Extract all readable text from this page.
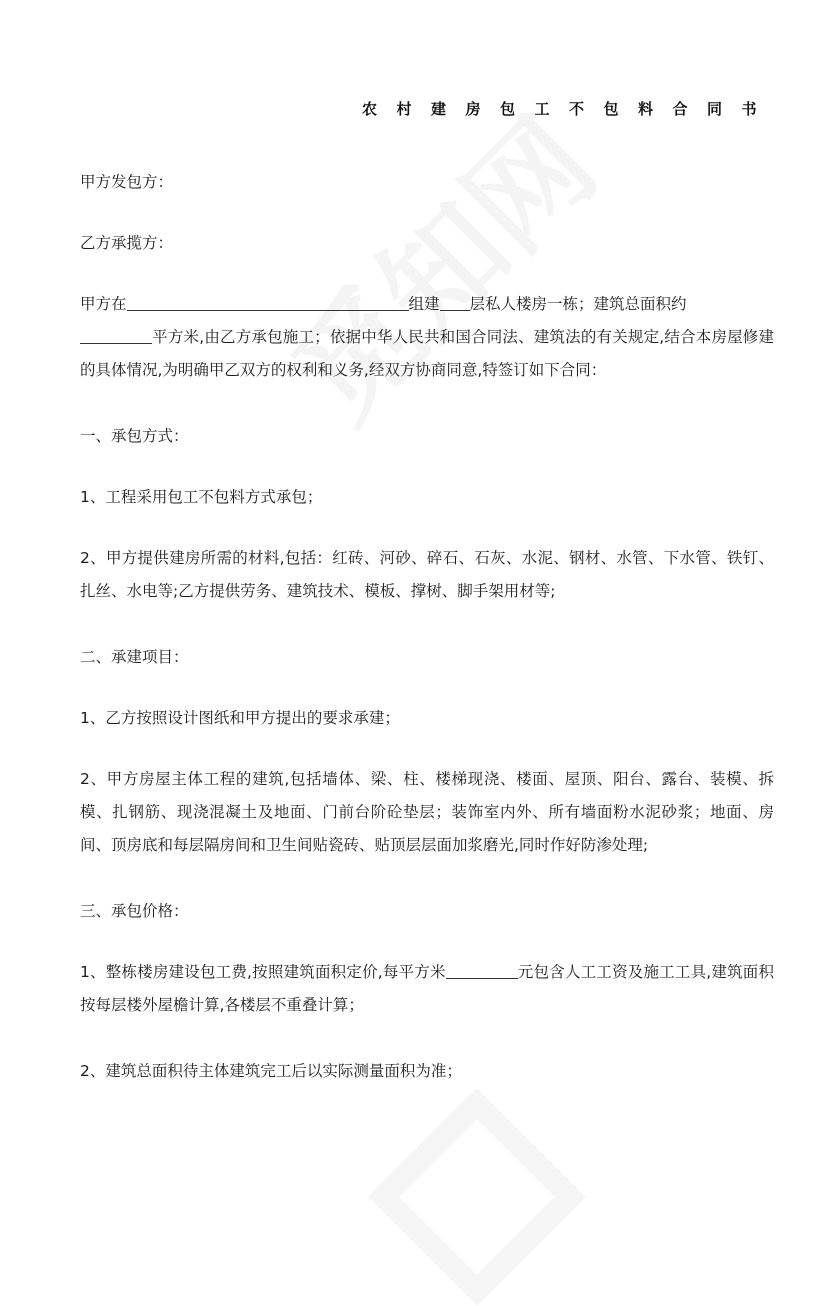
农村建房包工不包料合同书
甲方发包方：
乙方承揽方：
甲方在	组建 层私人楼房一栋；建筑总面积约
平方米,由乙方承包施工；依据中华人民共和国合同法、建筑法的有关规定,结合本房屋修建的具体情况,为明确甲乙双方的权利和义务,经双方协商同意,特签订如下合同：
一、承包方式：
1、工程采用包工不包料方式承包；
2、甲方提供建房所需的材料,包括：红砖、河砂、碎石、石灰、水泥、钢材、水管、下水管、铁钉、扎丝、水电等;乙方提供劳务、建筑技术、模板、撑树、脚手架用材等;
二、承建项目：
1、乙方按照设计图纸和甲方提出的要求承建；
2、甲方房屋主体工程的建筑,包括墙体、梁、柱、楼梯现浇、楼面、屋顶、阳台、露台、装模、拆模、扎钢筋、现浇混凝土及地面、门前台阶砼垫层；装饰室内外、所有墙面粉水泥砂浆；地面、房间、顶房底和每层隔房间和卫生间贴瓷砖、贴顶层层面加浆磨光,同时作好防渗处理;
三、承包价格：
1、整栋楼房建设包工费,按照建筑面积定价,每平方米	元包含人工工资及施工工具,建筑面积按每层楼外屋檐计算,各楼层不重叠计算；
2、建筑总面积待主体建筑完工后以实际测量面积为准；
